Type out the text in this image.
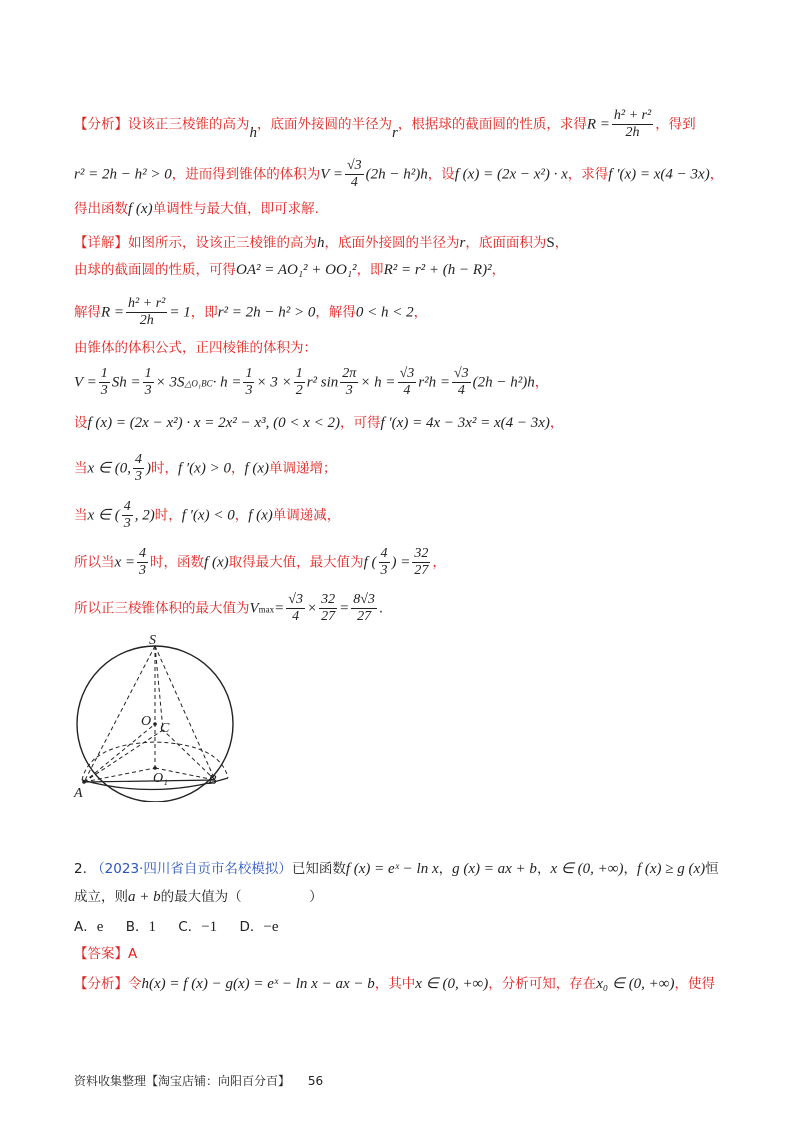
【分析】设该正三棱锥的高为h，底面外接圆的半径为r，根据球的截面圆的性质，求得$R = \frac{\text{h² + r²}}{2h}$ ，得到
r² = 2h − h² > 0，进而得到锥体的体积为$V = \frac{√3}{4} (2h - h^2)h$，设f (x) = (2x − x²) · x，求得f ′(x) = x(4 − 3x)，
得出函数f (x)单调性与最大值，即可求解.
【详解】如图所示，设该正三棱锥的高为h，底面外接圆的半径为r，底面面积为S，
由球的截面圆的性质，可得OA² = AO₁² + OO₁²，即R² = r² + (h − R)²，
解得$R = \frac{\text{h² + r²}}{2h} = 1$，即r² = 2h − h² > 0，解得0 < h < 2，
由锥体的体积公式，正四棱锥的体积为：
$V = \frac{1}{3}$ $Sh = \frac{1}{3}$ × 3S△O₁BC· $h = \frac{1}{3} \times 3 \times \frac{1}{2} r^2$ $\sin \frac{2\pi}{3} \times h = \frac{√3}{4} r^2h = \frac{√3}{4} (2h - h^2)h$，
设f (x) = (2x − x²) · x = 2x² − x³, (0 < x < 2)，可得f ′(x) = 4x − 3x² = x(4 − 3x)，
当x ∈ (0, $\frac{4}{3}$ )时，f ′(x) > 0，f (x)单调递增；
当x ∈ ( $\frac{4}{3}$ , 2)时，f ′(x) < 0，f (x)单调递减，
所以当$x = \frac{4}{3}$ 时，函数f (x)取得最大值，最大值为f ( $\frac{4}{3}$ ) = $\frac{32}{27}$ ，
所以正三棱锥体积的最大值为$Vmax= \frac{√3}{4} \times \frac{32}{27} = \frac{8√3}{27}$ .
S
O C
O₁
A
B
2. （2023·四川省自贡市名校模拟）已知函数f (x) = eˣ − ln x，g (x) = ax + b，x ∈ (0, +∞)，f (x) ≥ g (x)恒
成立，则a + b的最大值为（　　　　　）
A．e B．1 C．−1 D．−e
【答案】A
【分析】令h(x) = f (x) − g(x) = eˣ − ln x − ax − b，其中x ∈ (0, +∞)，分析可知，存在x₀ ∈ (0, +∞)，使得
资料收集整理【淘宝店铺：向阳百分百】 56
